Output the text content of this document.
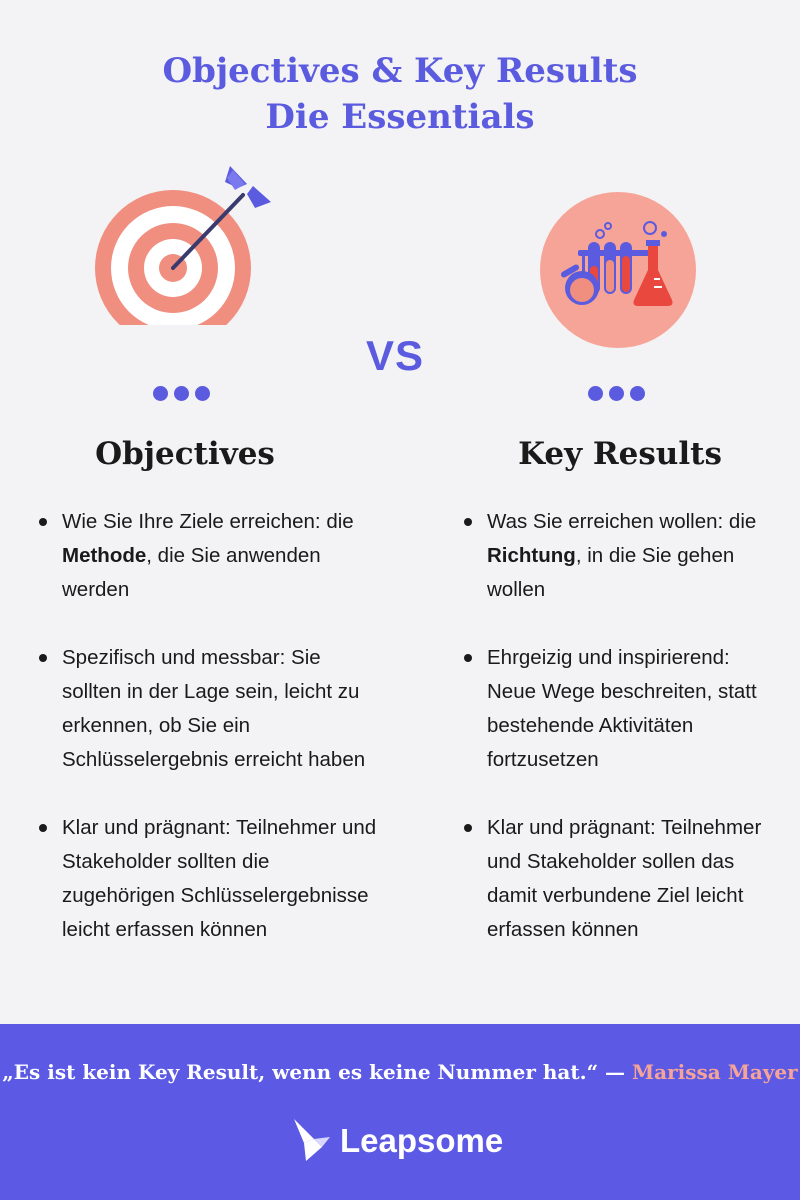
Objectives & Key Results
Die Essentials
VS
Objectives	Key Results
Wie Sie Ihre Ziele erreichen: die Methode, die Sie anwenden werden
Spezifisch und messbar: Sie sollten in der Lage sein, leicht zu erkennen, ob Sie ein Schlüsselergebnis erreicht haben
Klar und prägnant: Teilnehmer und Stakeholder sollten die zugehörigen Schlüsselergebnisse leicht erfassen können
Was Sie erreichen wollen: die Richtung, in die Sie gehen wollen
Ehrgeizig und inspirierend: Neue Wege beschreiten, statt bestehende Aktivitäten fortzusetzen
Klar und prägnant: Teilnehmer und Stakeholder sollen das damit verbundene Ziel leicht erfassen können
„Es ist kein Key Result, wenn es keine Nummer hat.“ — Marissa Mayer
Leapsome
